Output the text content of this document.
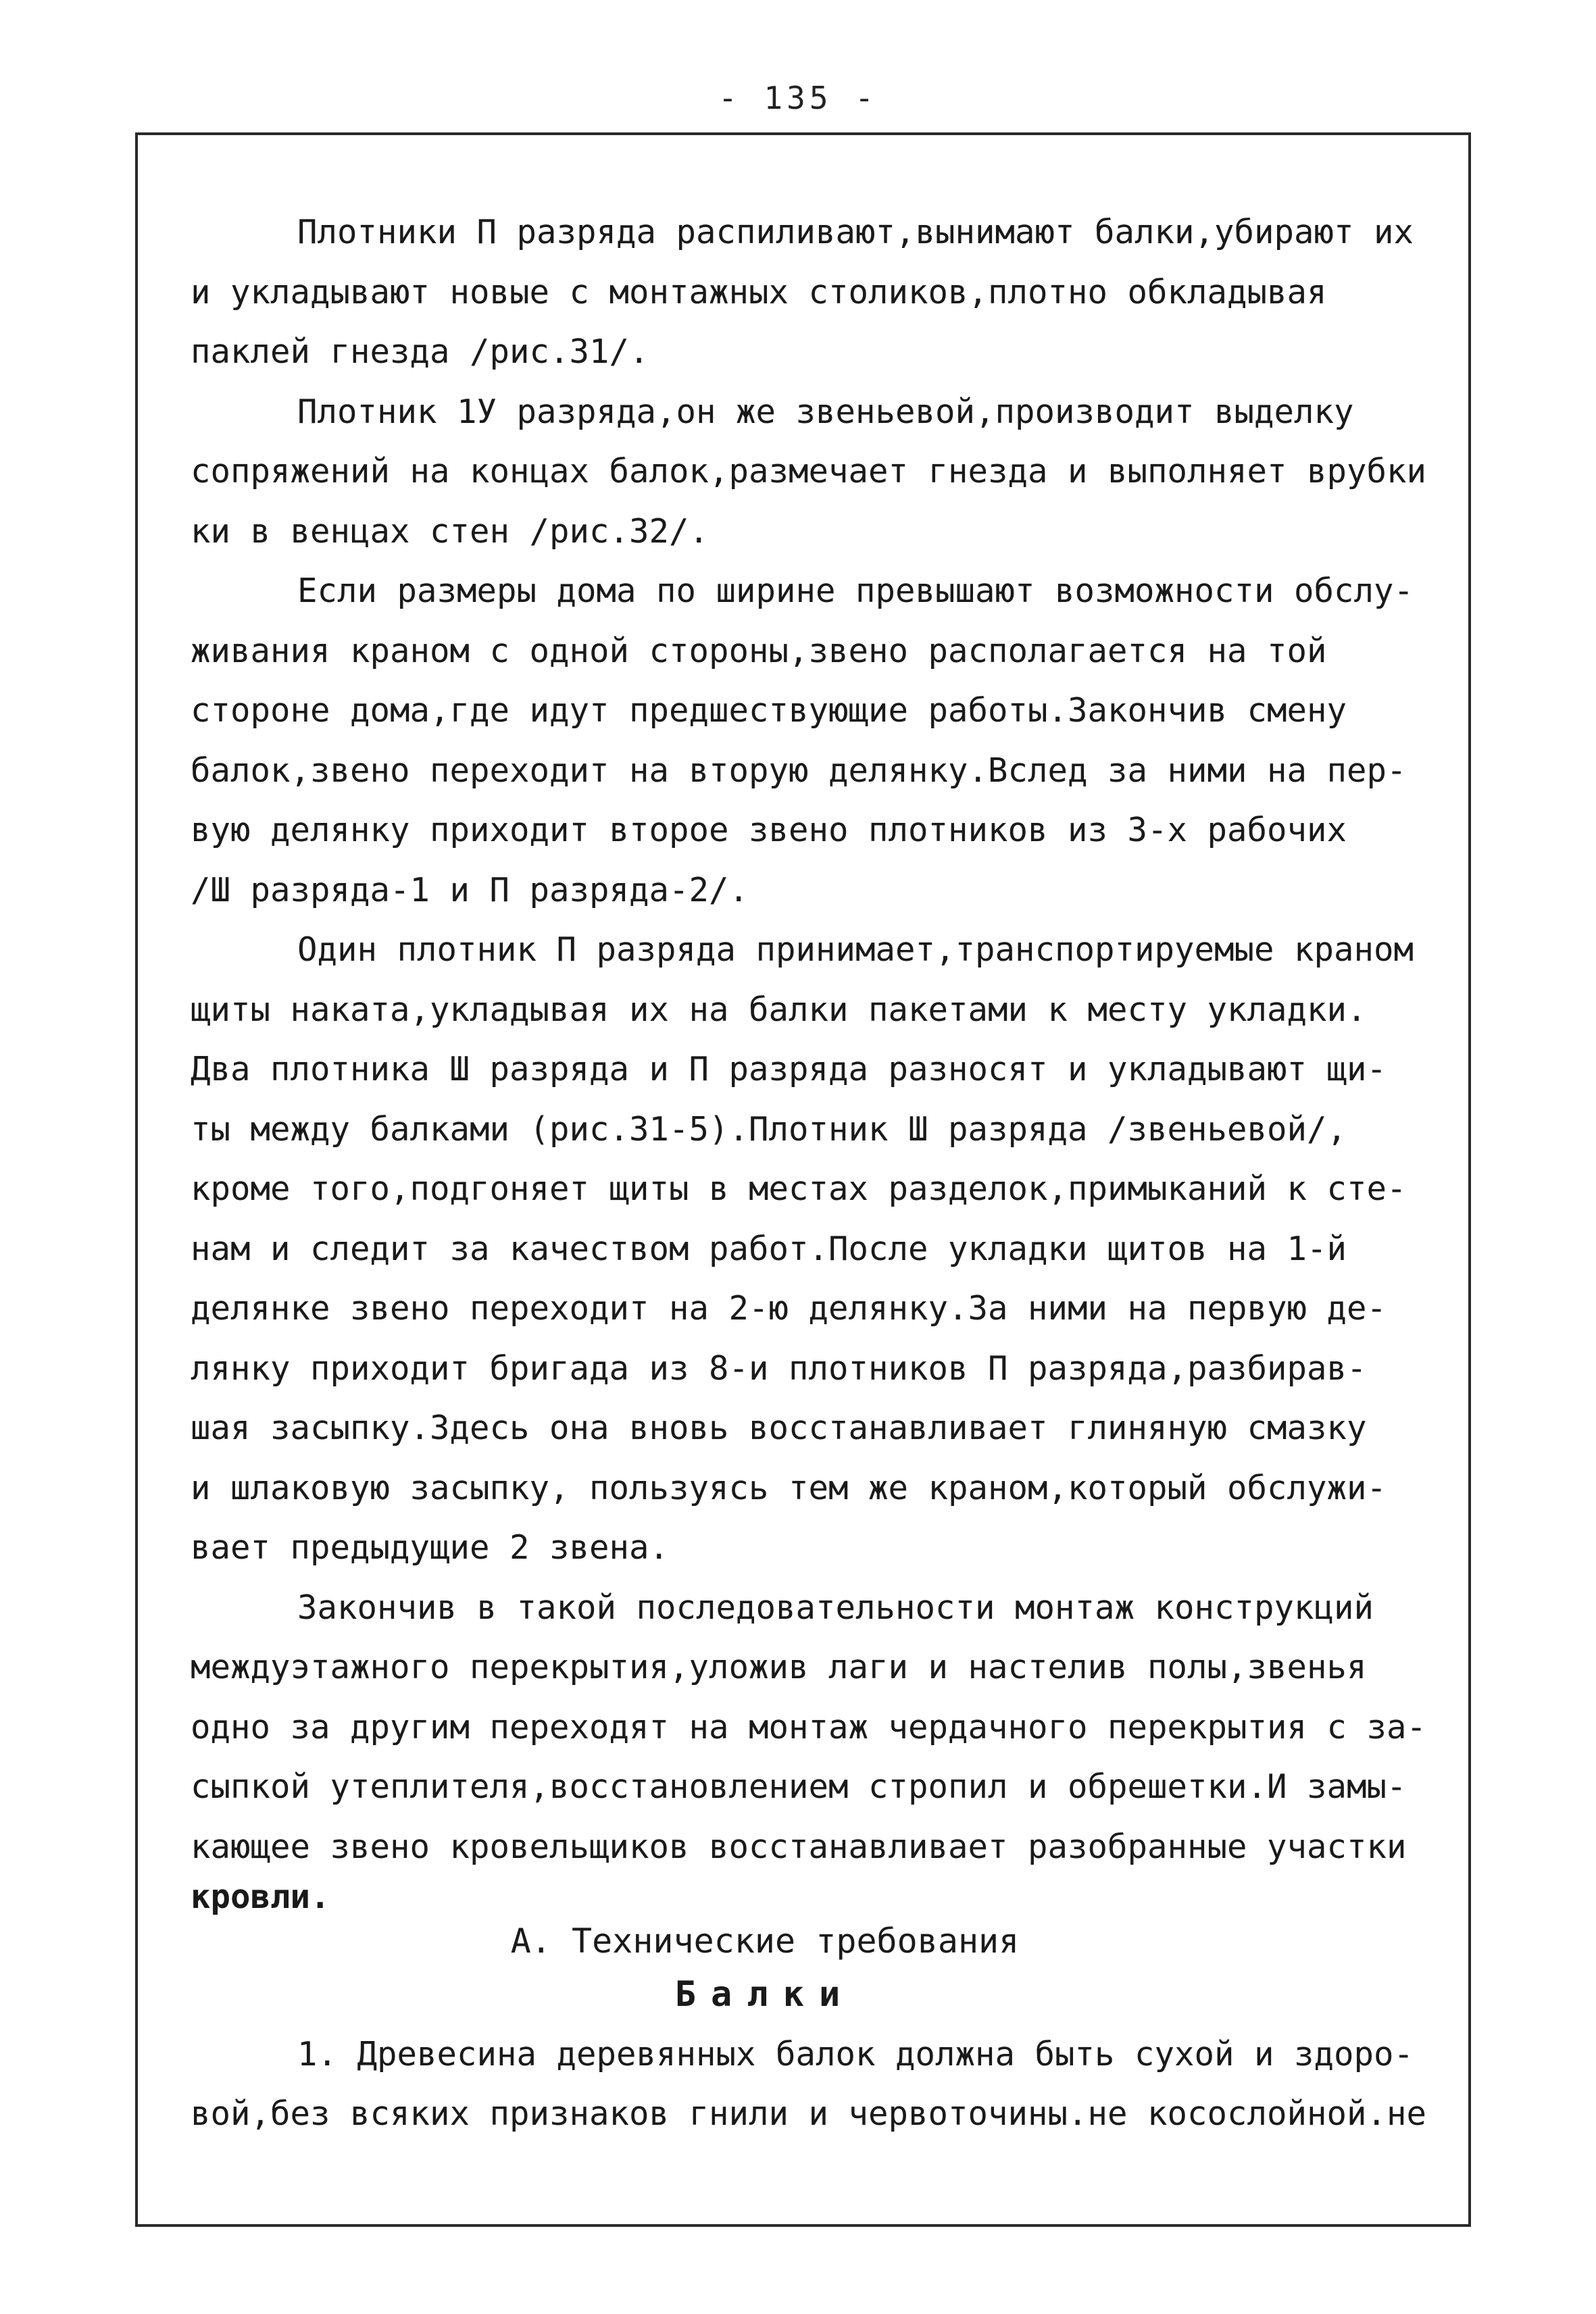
- 135 -
Плотники П разряда распиливают,вынимают балки,убирают их
и укладывают новые с монтажных столиков,плотно обкладывая
паклей гнезда /рис.31/.
Плотник 1У разряда,он же звеньевой,производит выделку
сопряжений на концах балок,размечает гнезда и выполняет врубки
ки в венцах стен /рис.32/.
Если размеры дома по ширине превышают возможности обслу-
живания краном с одной стороны,звено располагается на той
стороне дома,где идут предшествующие работы.Закончив смену
балок,звено переходит на вторую делянку.Вслед за ними на пер-
вую делянку приходит второе звено плотников из 3-х рабочих
/Ш разряда-1 и П разряда-2/.
Один плотник П разряда принимает,транспортируемые краном
щиты наката,укладывая их на балки пакетами к месту укладки.
Два плотника Ш разряда и П разряда разносят и укладывают щи-
ты между балками (рис.31-5).Плотник Ш разряда /звеньевой/,
кроме того,подгоняет щиты в местах разделок,примыканий к сте-
нам и следит за качеством работ.После укладки щитов на 1-й
делянке звено переходит на 2-ю делянку.За ними на первую де-
лянку приходит бригада из 8-и плотников П разряда,разбирав-
шая засыпку.Здесь она вновь восстанавливает глиняную смазку
и шлаковую засыпку, пользуясь тем же краном,который обслужи-
вает предыдущие 2 звена.
Закончив в такой последовательности монтаж конструкций
междуэтажного перекрытия,уложив лаги и настелив полы,звенья
одно за другим переходят на монтаж чердачного перекрытия с за-
сыпкой утеплителя,восстановлением стропил и обрешетки.И замы-
кающее звено кровельщиков восстанавливает разобранные участки
кровли.
А. Технические требования
Балки
1. Древесина деревянных балок должна быть сухой и здоро-
вой,без всяких признаков гнили и червоточины.не косослойной.не
